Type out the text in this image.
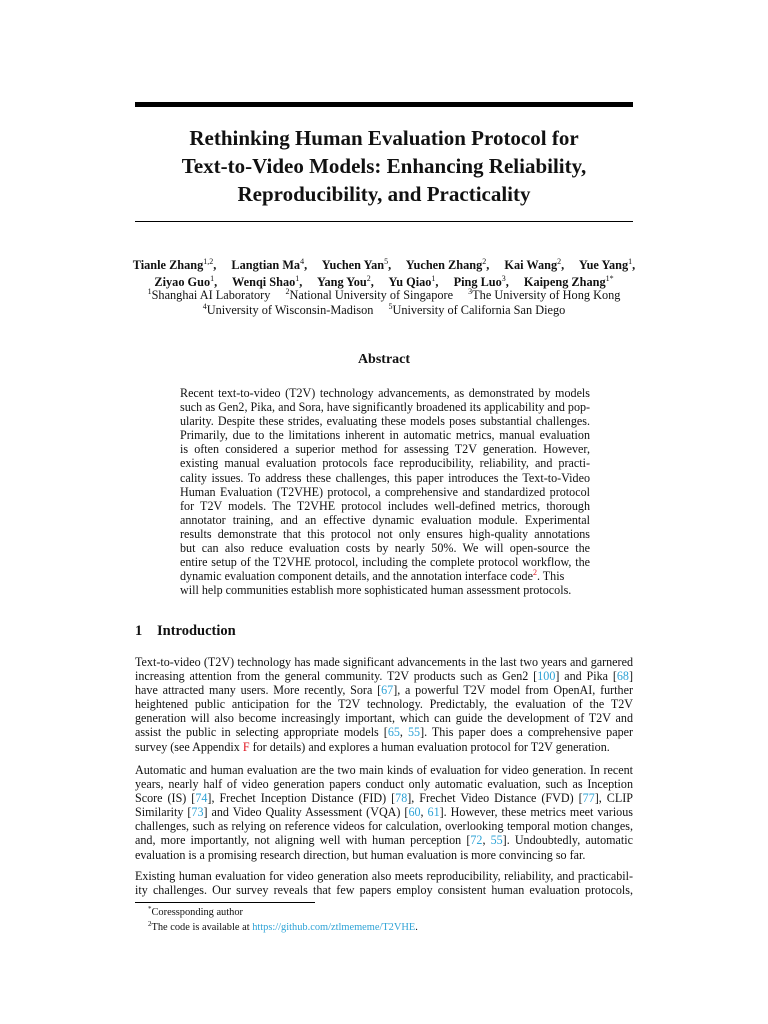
Rethinking Human Evaluation Protocol for
Text-to-Video Models: Enhancing Reliability,
Reproducibility, and Practicality
Tianle Zhang$^{1,2}$, Langtian Ma$^4$, Yuchen Yan$^5$, Yuchen Zhang$^2$, Kai Wang$^2$, Yue Yang$^1$,
Ziyao Guo$^1$, Wenqi Shao$^1$, Yang You$^2$, Yu Qiao$^1$, Ping Luo$^3$, Kaipeng Zhang$^{1*}$
$^1$Shanghai AI Laboratory $^2$National University of Singapore $^3$The University of Hong Kong
$^4$University of Wisconsin-Madison $^5$University of California San Diego
Abstract
Recent text-to-video (T2V) technology advancements, as demonstrated by models
such as Gen2, Pika, and Sora, have significantly broadened its applicability and pop-
ularity. Despite these strides, evaluating these models poses substantial challenges.
Primarily, due to the limitations inherent in automatic metrics, manual evaluation
is often considered a superior method for assessing T2V generation. However,
existing manual evaluation protocols face reproducibility, reliability, and practi-
cality issues. To address these challenges, this paper introduces the Text-to-Video
Human Evaluation (T2VHE) protocol, a comprehensive and standardized protocol
for T2V models. The T2VHE protocol includes well-defined metrics, thorough
annotator training, and an effective dynamic evaluation module. Experimental
results demonstrate that this protocol not only ensures high-quality annotations
but can also reduce evaluation costs by nearly 50%. We will open-source the
entire setup of the T2VHE protocol, including the complete protocol workflow, the
dynamic evaluation component details, and the annotation interface code$^2$. This
will help communities establish more sophisticated human assessment protocols.
1 Introduction
Text-to-video (T2V) technology has made significant advancements in the last two years and garnered
increasing attention from the general community. T2V products such as Gen2 [100] and Pika [68]
have attracted many users. More recently, Sora [67], a powerful T2V model from OpenAI, further
heightened public anticipation for the T2V technology. Predictably, the evaluation of the T2V
generation will also become increasingly important, which can guide the development of T2V and
assist the public in selecting appropriate models [65, 55]. This paper does a comprehensive paper
survey (see Appendix F for details) and explores a human evaluation protocol for T2V generation.
Automatic and human evaluation are the two main kinds of evaluation for video generation. In recent
years, nearly half of video generation papers conduct only automatic evaluation, such as Inception
Score (IS) [74], Frechet Inception Distance (FID) [78], Frechet Video Distance (FVD) [77], CLIP
Similarity [73] and Video Quality Assessment (VQA) [60, 61]. However, these metrics meet various
challenges, such as relying on reference videos for calculation, overlooking temporal motion changes,
and, more importantly, not aligning well with human perception [72, 55]. Undoubtedly, automatic
evaluation is a promising research direction, but human evaluation is more convincing so far.
Existing human evaluation for video generation also meets reproducibility, reliability, and practicabil-
ity challenges. Our survey reveals that few papers employ consistent human evaluation protocols,
*Coressponding author
$^2$The code is available at https://github.com/ztlmememe/T2VHE.
